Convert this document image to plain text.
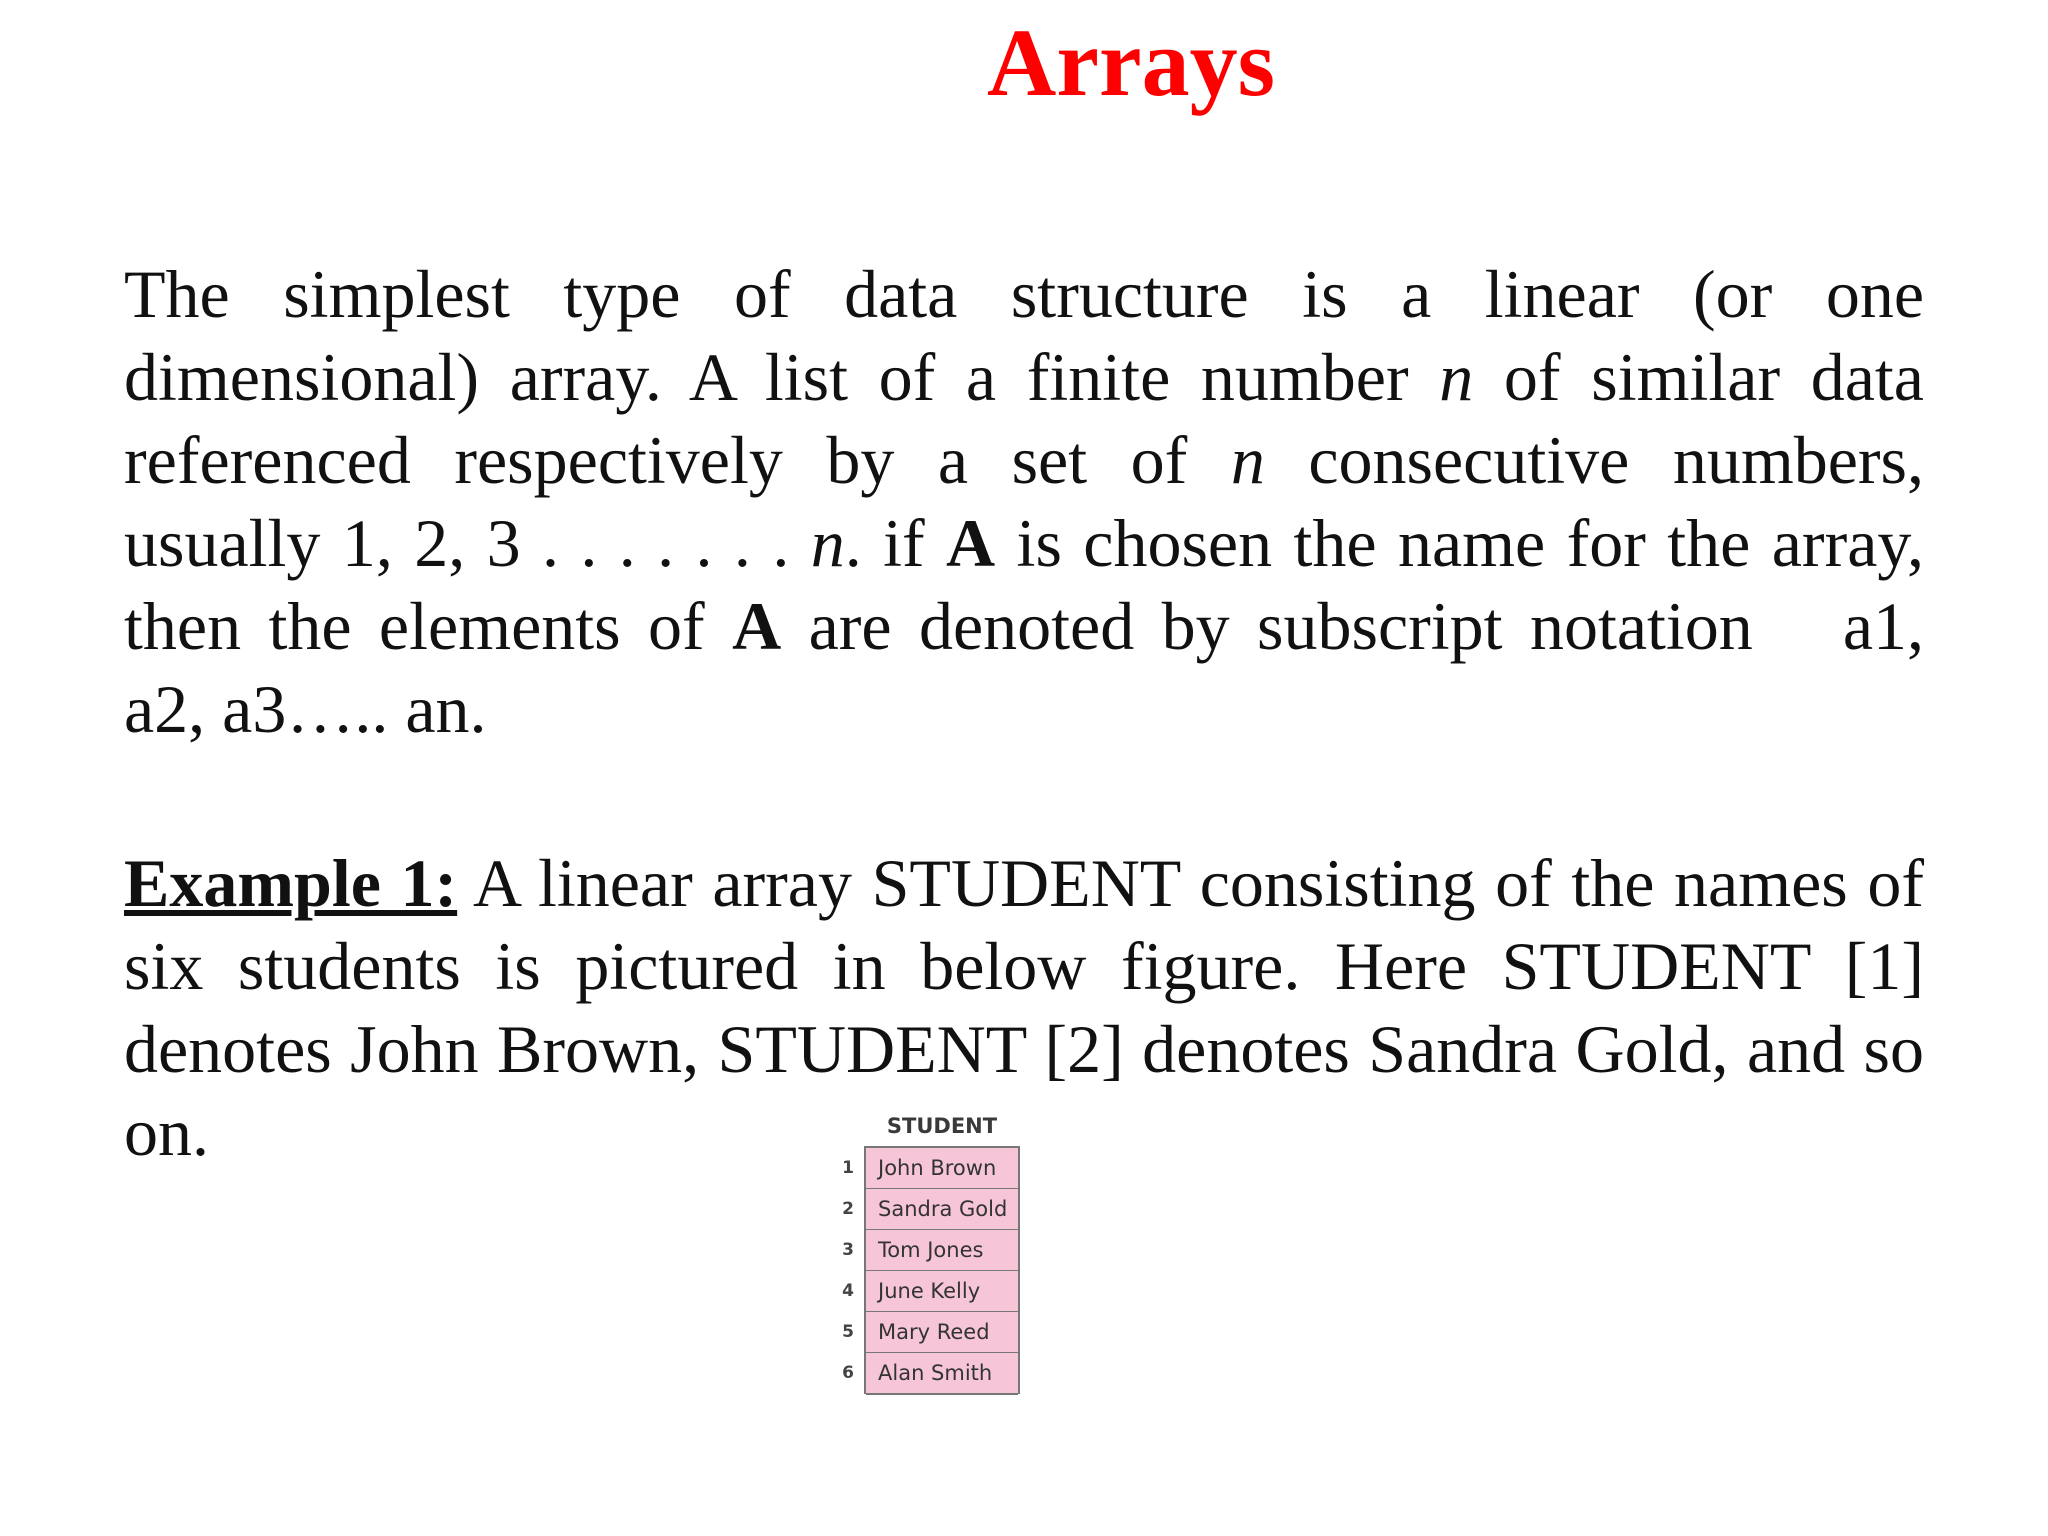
Arrays

The simplest type of data structure is a linear (or one dimensional) array. A list of a finite number n of similar data referenced respectively by a set of n consecutive numbers, usually 1, 2, 3 . . . . . . . n. if A is chosen the name for the array, then the elements of A are denoted by subscript notation a1, a2, a3….. an.

Example 1: A linear array STUDENT consisting of the names of six students is pictured in below figure. Here STUDENT [1] denotes John Brown, STUDENT [2] denotes Sandra Gold, and so on.	STUDENT
1	John Brown
2	Sandra Gold
3	Tom Jones
4	June Kelly
5	Mary Reed
6	Alan Smith
